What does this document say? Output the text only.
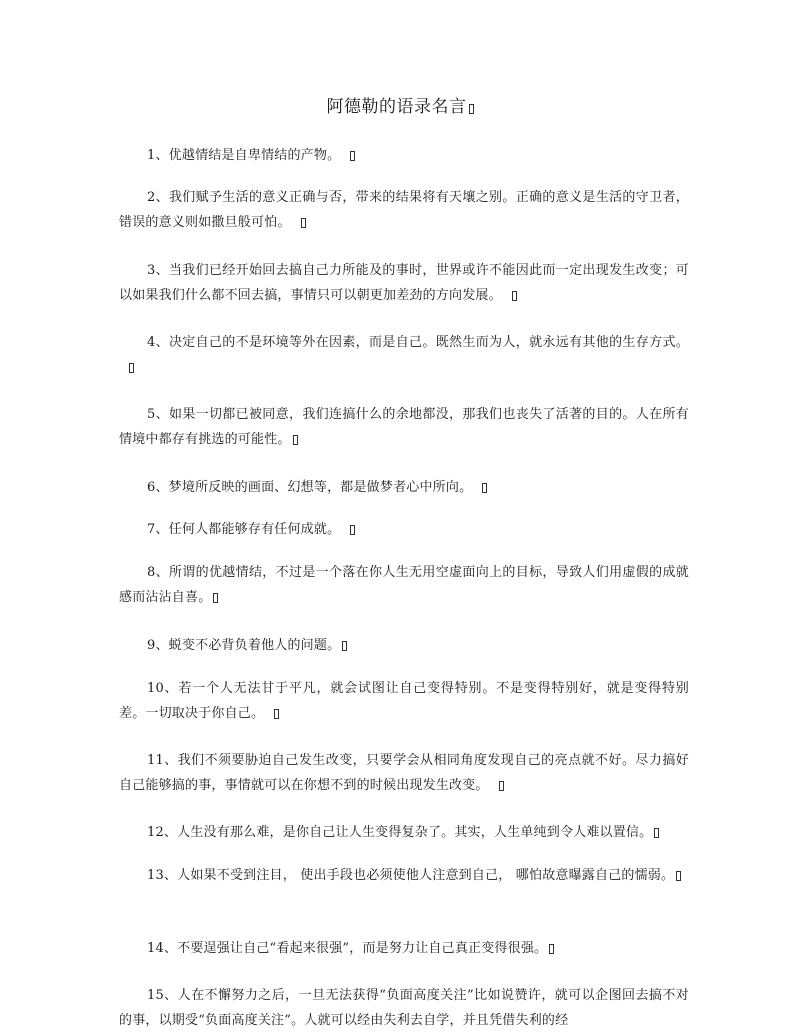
阿德勒的语录名言

1、优越情结是自卑情结的产物。

2、我们赋予生活的意义正确与否，带来的结果将有天壤之别。正确的意义是生活的守卫者，错误的意义则如撒旦般可怕。

3、当我们已经开始回去搞自己力所能及的事时，世界或许不能因此而一定出现发生改变；可以如果我们什么都不回去搞，事情只可以朝更加差劲的方向发展。

4、决定自己的不是环境等外在因素，而是自己。既然生而为人，就永远有其他的生存方式。

5、如果一切都已被同意，我们连搞什么的余地都没，那我们也丧失了活著的目的。人在所有情境中都存有挑选的可能性。

6、梦境所反映的画面、幻想等，都是做梦者心中所向。

7、任何人都能够存有任何成就。

8、所谓的优越情结，不过是一个落在你人生无用空虚面向上的目标，导致人们用虚假的成就感而沾沾自喜。

9、蜕变不必背负着他人的问题。

10、若一个人无法甘于平凡，就会试图让自己变得特别。不是变得特别好，就是变得特别差。一切取决于你自己。

11、我们不须要胁迫自己发生改变，只要学会从相同角度发现自己的亮点就不好。尽力搞好自己能够搞的事，事情就可以在你想不到的时候出现发生改变。

12、人生没有那么难，是你自己让人生变得复杂了。其实，人生单纯到令人难以置信。

13、人如果不受到注目， 使出手段也必须使他人注意到自己， 哪怕故意曝露自己的懦弱。

14、不要逞强让自己“看起来很强”，而是努力让自己真正变得很强。

15、人在不懈努力之后，一旦无法获得“负面高度关注”比如说赞许，就可以企图回去搞不对的事，以期受“负面高度关注”。人就可以经由失利去自学，并且凭借失利的经
